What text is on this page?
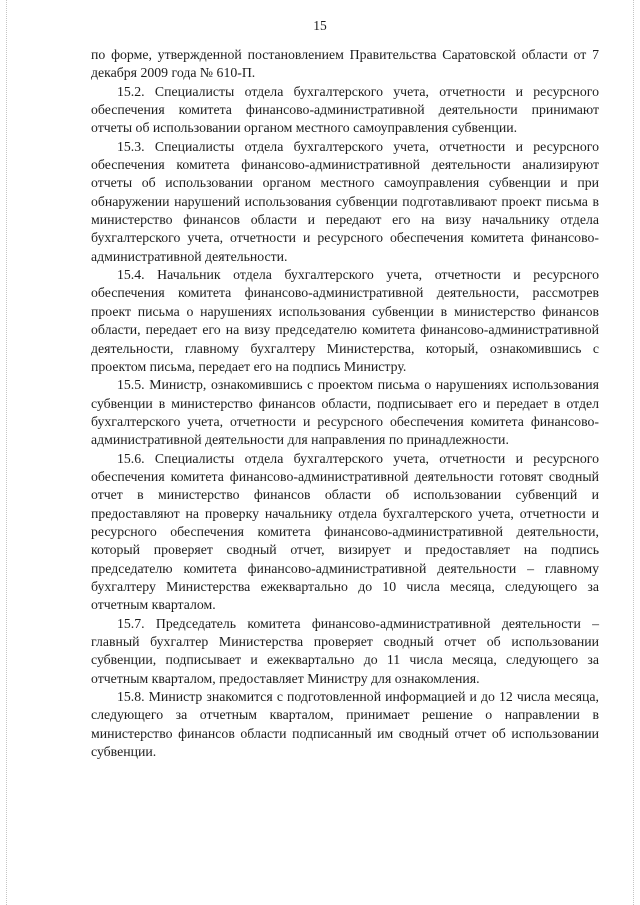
15

по форме, утвержденной постановлением Правительства Саратовской области от 7 декабря 2009 года № 610-П.

15.2. Специалисты отдела бухгалтерского учета, отчетности и ресурсного обеспечения комитета финансово-административной деятельности принимают отчеты об использовании органом местного самоуправления субвенции.

15.3. Специалисты отдела бухгалтерского учета, отчетности и ресурсного обеспечения комитета финансово-административной деятельности анализируют отчеты об использовании органом местного самоуправления субвенции и при обнаружении нарушений использования субвенции подготавливают проект письма в министерство финансов области и передают его на визу начальнику отдела бухгалтерского учета, отчетности и ресурсного обеспечения комитета финансово-административной деятельности.

15.4. Начальник отдела бухгалтерского учета, отчетности и ресурсного обеспечения комитета финансово-административной деятельности, рассмотрев проект письма о нарушениях использования субвенции в министерство финансов области, передает его на визу председателю комитета финансово-административной деятельности, главному бухгалтеру Министерства, который, ознакомившись с проектом письма, передает его на подпись Министру.

15.5. Министр, ознакомившись с проектом письма о нарушениях использования субвенции в министерство финансов области, подписывает его и передает в отдел бухгалтерского учета, отчетности и ресурсного обеспечения комитета финансово-административной деятельности для направления по принадлежности.

15.6. Специалисты отдела бухгалтерского учета, отчетности и ресурсного обеспечения комитета финансово-административной деятельности готовят сводный отчет в министерство финансов области об использовании субвенций и предоставляют на проверку начальнику отдела бухгалтерского учета, отчетности и ресурсного обеспечения комитета финансово-административной деятельности, который проверяет сводный отчет, визирует и предоставляет на подпись председателю комитета финансово-административной деятельности – главному бухгалтеру Министерства ежеквартально до 10 числа месяца, следующего за отчетным кварталом.

15.7. Председатель комитета финансово-административной деятельности – главный бухгалтер Министерства проверяет сводный отчет об использовании субвенции, подписывает и ежеквартально до 11 числа месяца, следующего за отчетным кварталом, предоставляет Министру для ознакомления.

15.8. Министр знакомится с подготовленной информацией и до 12 числа месяца, следующего за отчетным кварталом, принимает решение о направлении в министерство финансов области подписанный им сводный отчет об использовании субвенции.
